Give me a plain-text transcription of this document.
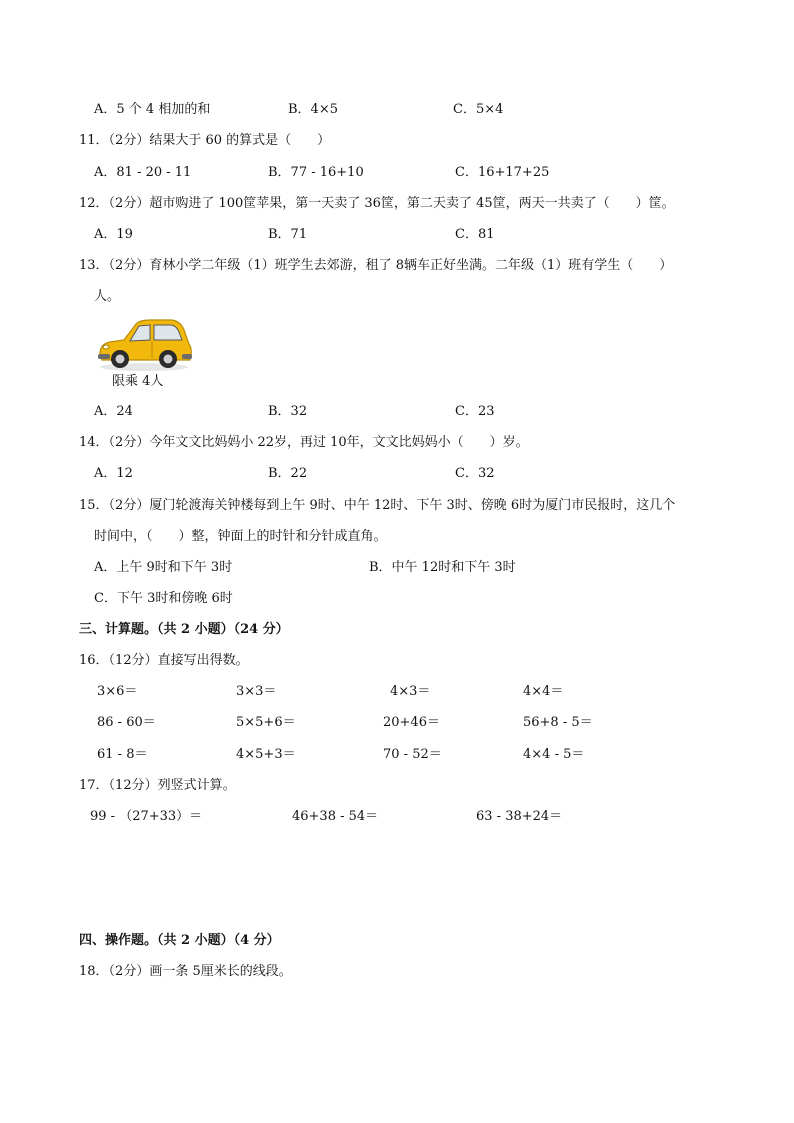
A．5 个 4 相加的和	B．4×5	C．5×4
11．（2分）结果大于 60 的算式是（　　）
A．81 - 20 - 11	B．77 - 16+10	C．16+17+25
12．（2分）超市购进了 100筐苹果，第一天卖了 36筐，第二天卖了 45筐，两天一共卖了（　　）筐。
A．19	B．71	C．81
13．（2分）育林小学二年级（1）班学生去郊游，租了 8辆车正好坐满。二年级（1）班有学生（　　）
人。
限乘 4人
A．24	B．32	C．23
14．（2分）今年文文比妈妈小 22岁，再过 10年，文文比妈妈小（　　）岁。
A．12	B．22	C．32
15．（2分）厦门轮渡海关钟楼每到上午 9时、中午 12时、下午 3时、傍晚 6时为厦门市民报时，这几个
时间中，（　　）整，钟面上的时针和分针成直角。
A．上午 9时和下午 3时	B．中午 12时和下午 3时
C．下午 3时和傍晚 6时
三、计算题。（共 2 小题）（24 分）
16．（12分）直接写出得数。
3×6＝	3×3＝	4×3＝	4×4＝
86 - 60＝	5×5+6＝	20+46＝	56+8 - 5＝
61 - 8＝	4×5+3＝	70 - 52＝	4×4 - 5＝
17．（12分）列竖式计算。
99 - （27+33）＝	46+38 - 54＝	63 - 38+24＝
四、操作题。（共 2 小题）（4 分）
18．（2分）画一条 5厘米长的线段。
